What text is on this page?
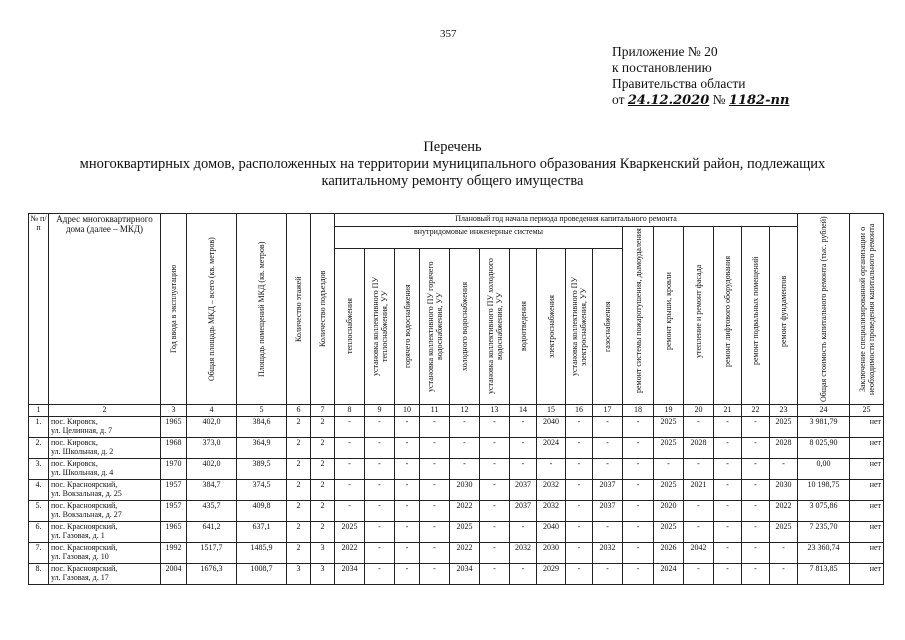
357
Приложение № 20
к постановлению
Правительства области
от 24.12.2020 № 1182-пп
Перечень
многоквартирных домов, расположенных на территории муниципального образования Кваркенский район, подлежащих
капитальному ремонту общего имущества
№ п/п	Адрес многоквартирного дома (далее – МКД)	Год ввода в эксплуатацию	Общая площадь МКД – всего (кв. метров)	Площадь помещений МКД (кв. метров)	Количество этажей	Количество подъездов	Плановый год начала периода проведения капитального ремонта																Общая стоимость капитального ремонта (тыс. рублей)	Заключение специализированной организации о необходимости проведения капитального ремонта

							внутридомовые инженерные системы										ремонт системы пожаротушения, дымоудаления	ремонт крыши, кровли	утепление и ремонт фасада	ремонт лифтового оборудования	ремонт подвальных помещений	ремонт фундаментов		

теплоснабжения	установка коллективного ПУ теплоснабжения, УУ	горячего водоснабжения	установка коллективного ПУ горячего водоснабжения, УУ	холодного водоснабжения	установка коллективного ПУ холодного водоснабжения, УУ	водоотведения	электроснабжения	установка коллективного ПУ электроснабжения, УУ	газоснабжения								

1	2	3	4	5	6	7	8	9	10	11	12	13	14	15	16	17	18	19	20	21	22	23	24	25
1.	пос. Кировск,
ул. Целинная, д. 7	1965	402,0	384,6	2	2	-	-	-	-	-	-	-	2040	-	-	-	2025	-	-	-	2025	3 981,79	нет
2.	пос. Кировск,
ул. Школьная, д. 2	1968	373,0	364,9	2	2	-	-	-	-	-	-	-	2024	-	-	-	2025	2028	-	-	2028	8 025,90	нет
3.	пос. Кировск,
ул. Школьная, д. 4	1970	402,0	389,5	2	2	-	-	-	-	-	-	-	-	-	-	-	-	-	-	-	-	0,00	нет
4.	пос. Красноярский,
ул. Вокзальная, д. 25	1957	384,7	374,5	2	2	-	-	-	-	2030	-	2037	2032	-	2037	-	2025	2021	-	-	2030	10 198,75	нет
5.	пос. Красноярский,
ул. Вокзальная, д. 27	1957	435,7	409,8	2	2	-	-	-	-	2022	-	2037	2032	-	2037	-	2020	-	-	-	2022	3 075,86	нет
6.	пос. Красноярский,
ул. Газовая, д. 1	1965	641,2	637,1	2	2	2025	-	-	-	2025	-	-	2040	-	-	-	2025	-	-	-	2025	7 235,70	нет
7.	пос. Красноярский,
ул. Газовая, д. 10	1992	1517,7	1485,9	2	3	2022	-	-	-	2022	-	2032	2030	-	2032	-	2026	2042	-	-	-	23 360,74	нет
8.	пос. Красноярский,
ул. Газовая, д. 17	2004	1676,3	1008,7	3	3	2034	-	-	-	2034	-	-	2029	-	-	-	2024	-	-	-	-	7 813,85	нет
